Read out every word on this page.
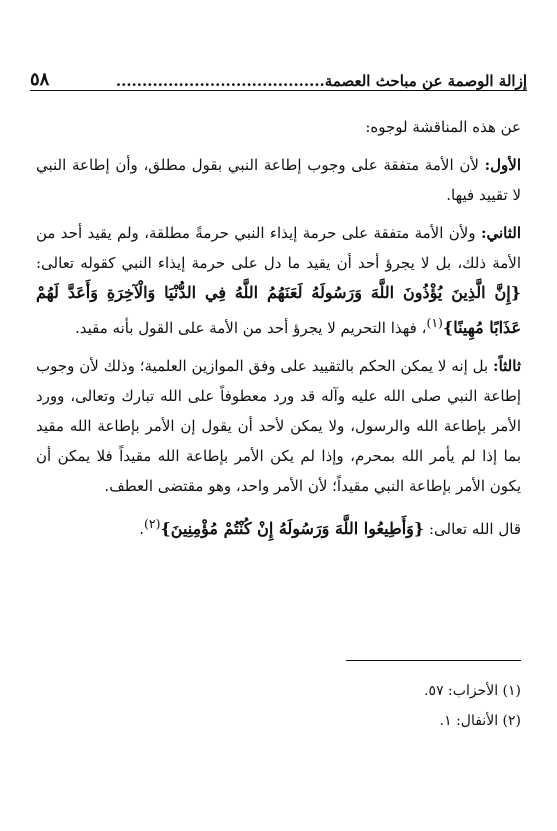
إزالة الوصمة عن مباحث العصمة........................................
٥٨

عن هذه المناقشة لوجوه:

الأول: لأن الأمة متفقة على وجوب إطاعة النبي بقول مطلق، وأن إطاعة النبي لا تقييد فيها.

الثاني: ولأن الأمة متفقة على حرمة إيذاء النبي حرمةً مطلقة، ولم يقيد أحد من الأمة ذلك، بل لا يجرؤ أحد أن يقيد ما دل على حرمة إيذاء النبي كقوله تعالى: {إِنَّ الَّذِينَ يُؤْذُونَ اللَّهَ وَرَسُولَهُ لَعَنَهُمُ اللَّهُ فِي الدُّنْيَا وَالْآخِرَةِ وَأَعَدَّ لَهُمْ عَذَابًا مُهِينًا}$^{(١)}$، فهذا التحريم لا يجرؤ أحد من الأمة على القول بأنه مقيد.

ثالثاً: بل إنه لا يمكن الحكم بالتقييد على وفق الموازين العلمية؛ وذلك لأن وجوب إطاعة النبي صلى الله عليه وآله قد ورد معطوفاً على الله تبارك وتعالى، وورد الأمر بإطاعة الله والرسول، ولا يمكن لأحد أن يقول إن الأمر بإطاعة الله مقيد بما إذا لم يأمر الله بمحرم، وإذا لم يكن الأمر بإطاعة الله مقيداً فلا يمكن أن يكون الأمر بإطاعة النبي مقيداً؛ لأن الأمر واحد، وهو مقتضى العطف.

قال الله تعالى: {وَأَطِيعُوا اللَّهَ وَرَسُولَهُ إِنْ كُنْتُمْ مُؤْمِنِينَ}$^{(٢)}$.

(١) الأحزاب: ٥٧.

(٢) الأنفال: ١.
